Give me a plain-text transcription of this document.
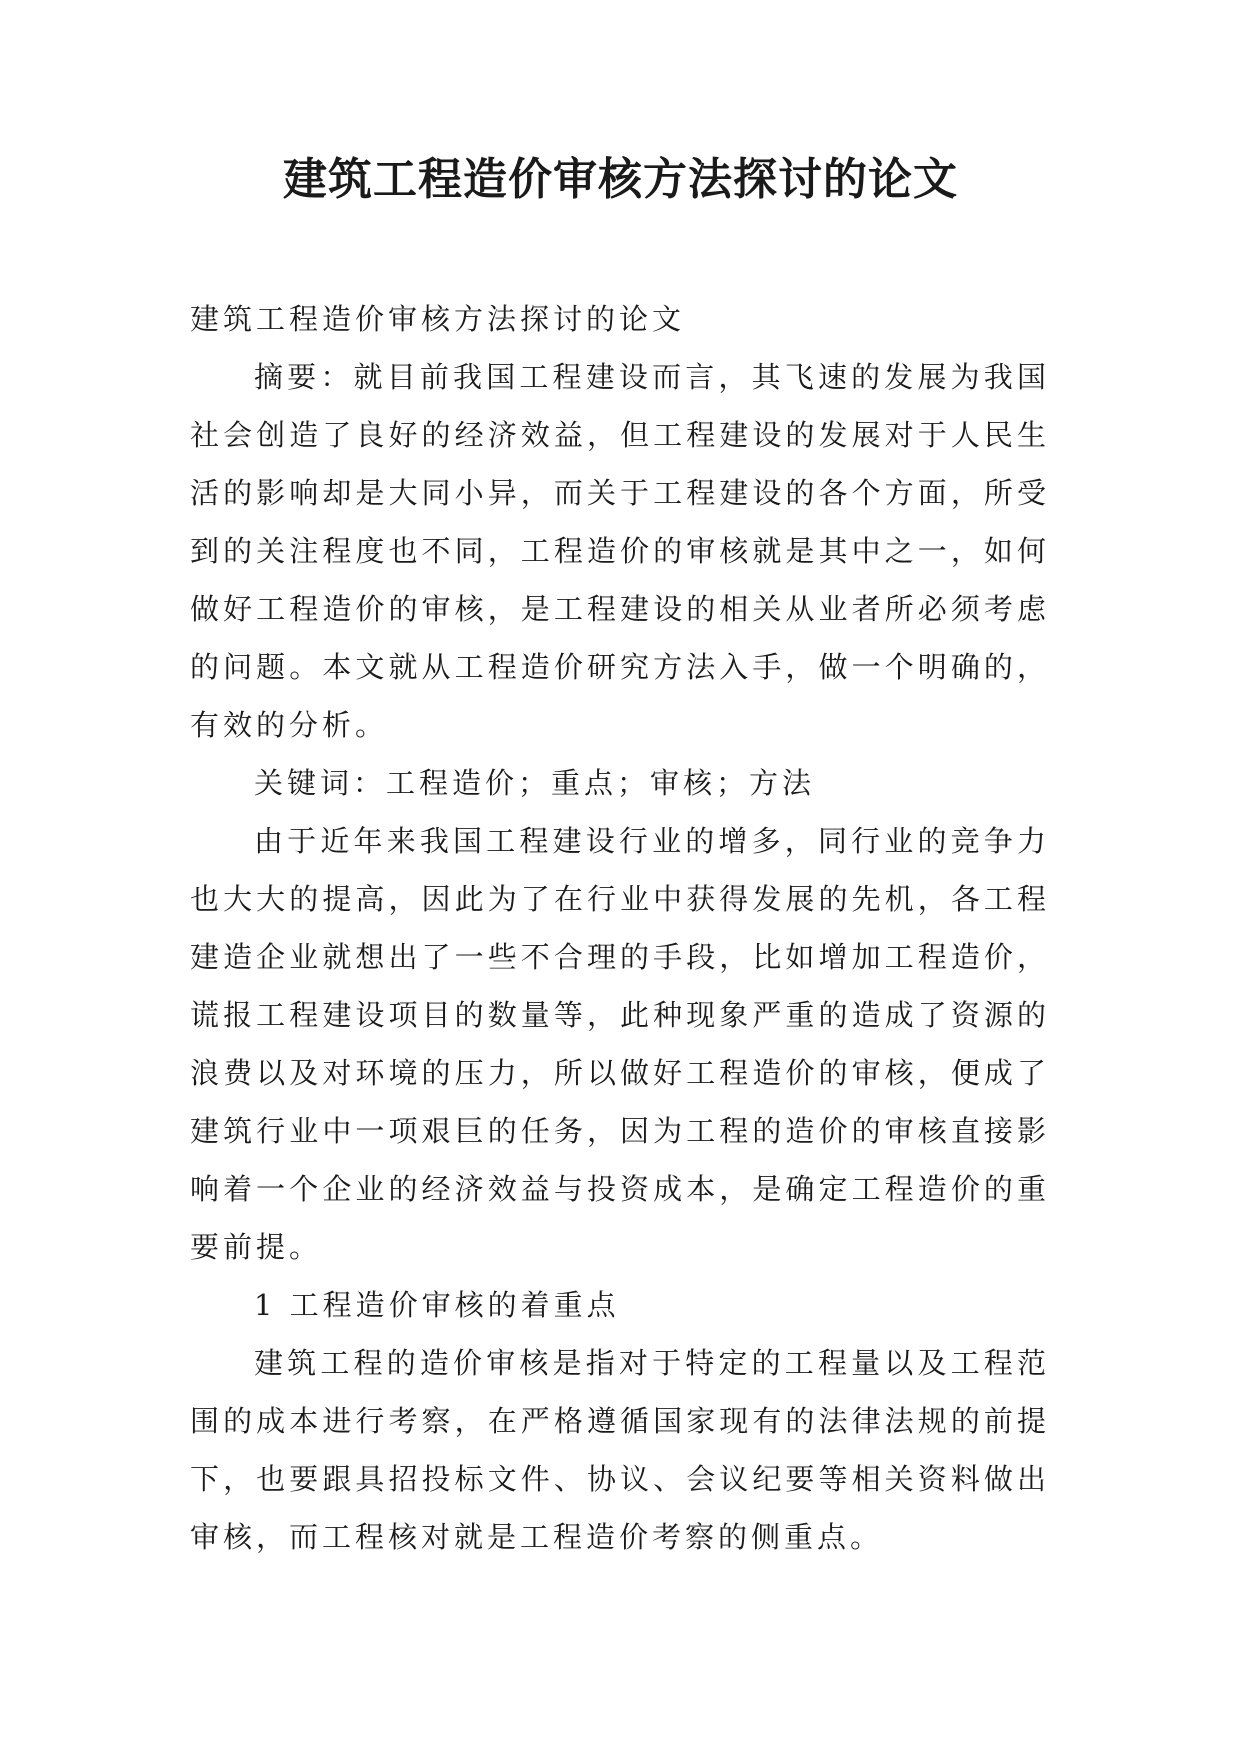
建筑工程造价审核方法探讨的论文

建筑工程造价审核方法探讨的论文

摘要：就目前我国工程建设而言，其飞速的发展为我国社会创造了良好的经济效益，但工程建设的发展对于人民生活的影响却是大同小异，而关于工程建设的各个方面，所受到的关注程度也不同，工程造价的审核就是其中之一，如何做好工程造价的审核，是工程建设的相关从业者所必须考虑的问题。本文就从工程造价研究方法入手，做一个明确的，有效的分析。

关键词：工程造价；重点；审核；方法

由于近年来我国工程建设行业的增多，同行业的竞争力也大大的提高，因此为了在行业中获得发展的先机，各工程建造企业就想出了一些不合理的手段，比如增加工程造价，谎报工程建设项目的数量等，此种现象严重的造成了资源的浪费以及对环境的压力，所以做好工程造价的审核，便成了建筑行业中一项艰巨的任务，因为工程的造价的审核直接影响着一个企业的经济效益与投资成本，是确定工程造价的重要前提。

1 工程造价审核的着重点

建筑工程的造价审核是指对于特定的工程量以及工程范围的成本进行考察，在严格遵循国家现有的法律法规的前提下，也要跟具招投标文件、协议、会议纪要等相关资料做出审核，而工程核对就是工程造价考察的侧重点。
